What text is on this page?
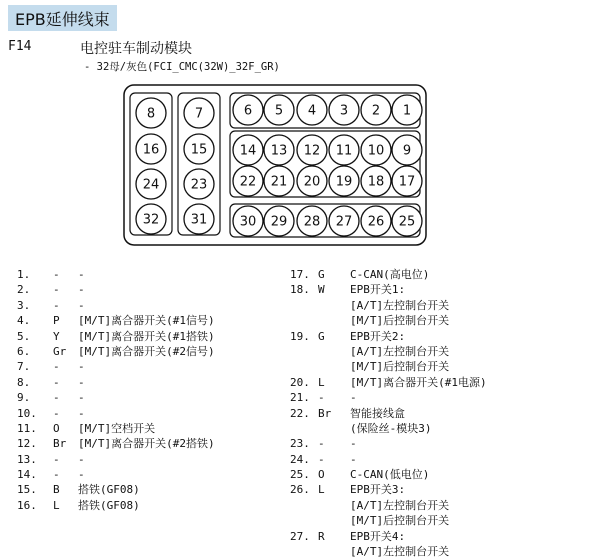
EPB延伸线束
F14	电控驻车制动模块
- 32母/灰色(FCI_CMC(32W)_32F_GR)
8
16
24
32
7
15
23
31
6 5 4 3 2 1
14 13 12 11 10 9
22 21 20 19 18 17
30 29 28 27 26 25
1.	-	-
2.	-	-
3.	-	-
4.	P	[M/T]离合器开关(#1信号)
5.	Y	[M/T]离合器开关(#1搭铁)
6.	Gr	[M/T]离合器开关(#2信号)
7.	-	-
8.	-	-
9.	-	-
10.	-	-
11.	O	[M/T]空档开关
12.	Br	[M/T]离合器开关(#2搭铁)
13.	-	-
14.	-	-
15.	B	搭铁(GF08)
16.	L	搭铁(GF08)
17. G	C-CAN(高电位)
18. W	EPB开关1:
[A/T]左控制台开关
[M/T]后控制台开关
19. G	EPB开关2:
[A/T]左控制台开关
[M/T]后控制台开关
20. L	[M/T]离合器开关(#1电源)
21. -	-
22. Br	智能接线盒
(保险丝-模块3)
23. -	-
24. -	-
25. O	C-CAN(低电位)
26. L	EPB开关3:
[A/T]左控制台开关
[M/T]后控制台开关
27. R	EPB开关4:
[A/T]左控制台开关
